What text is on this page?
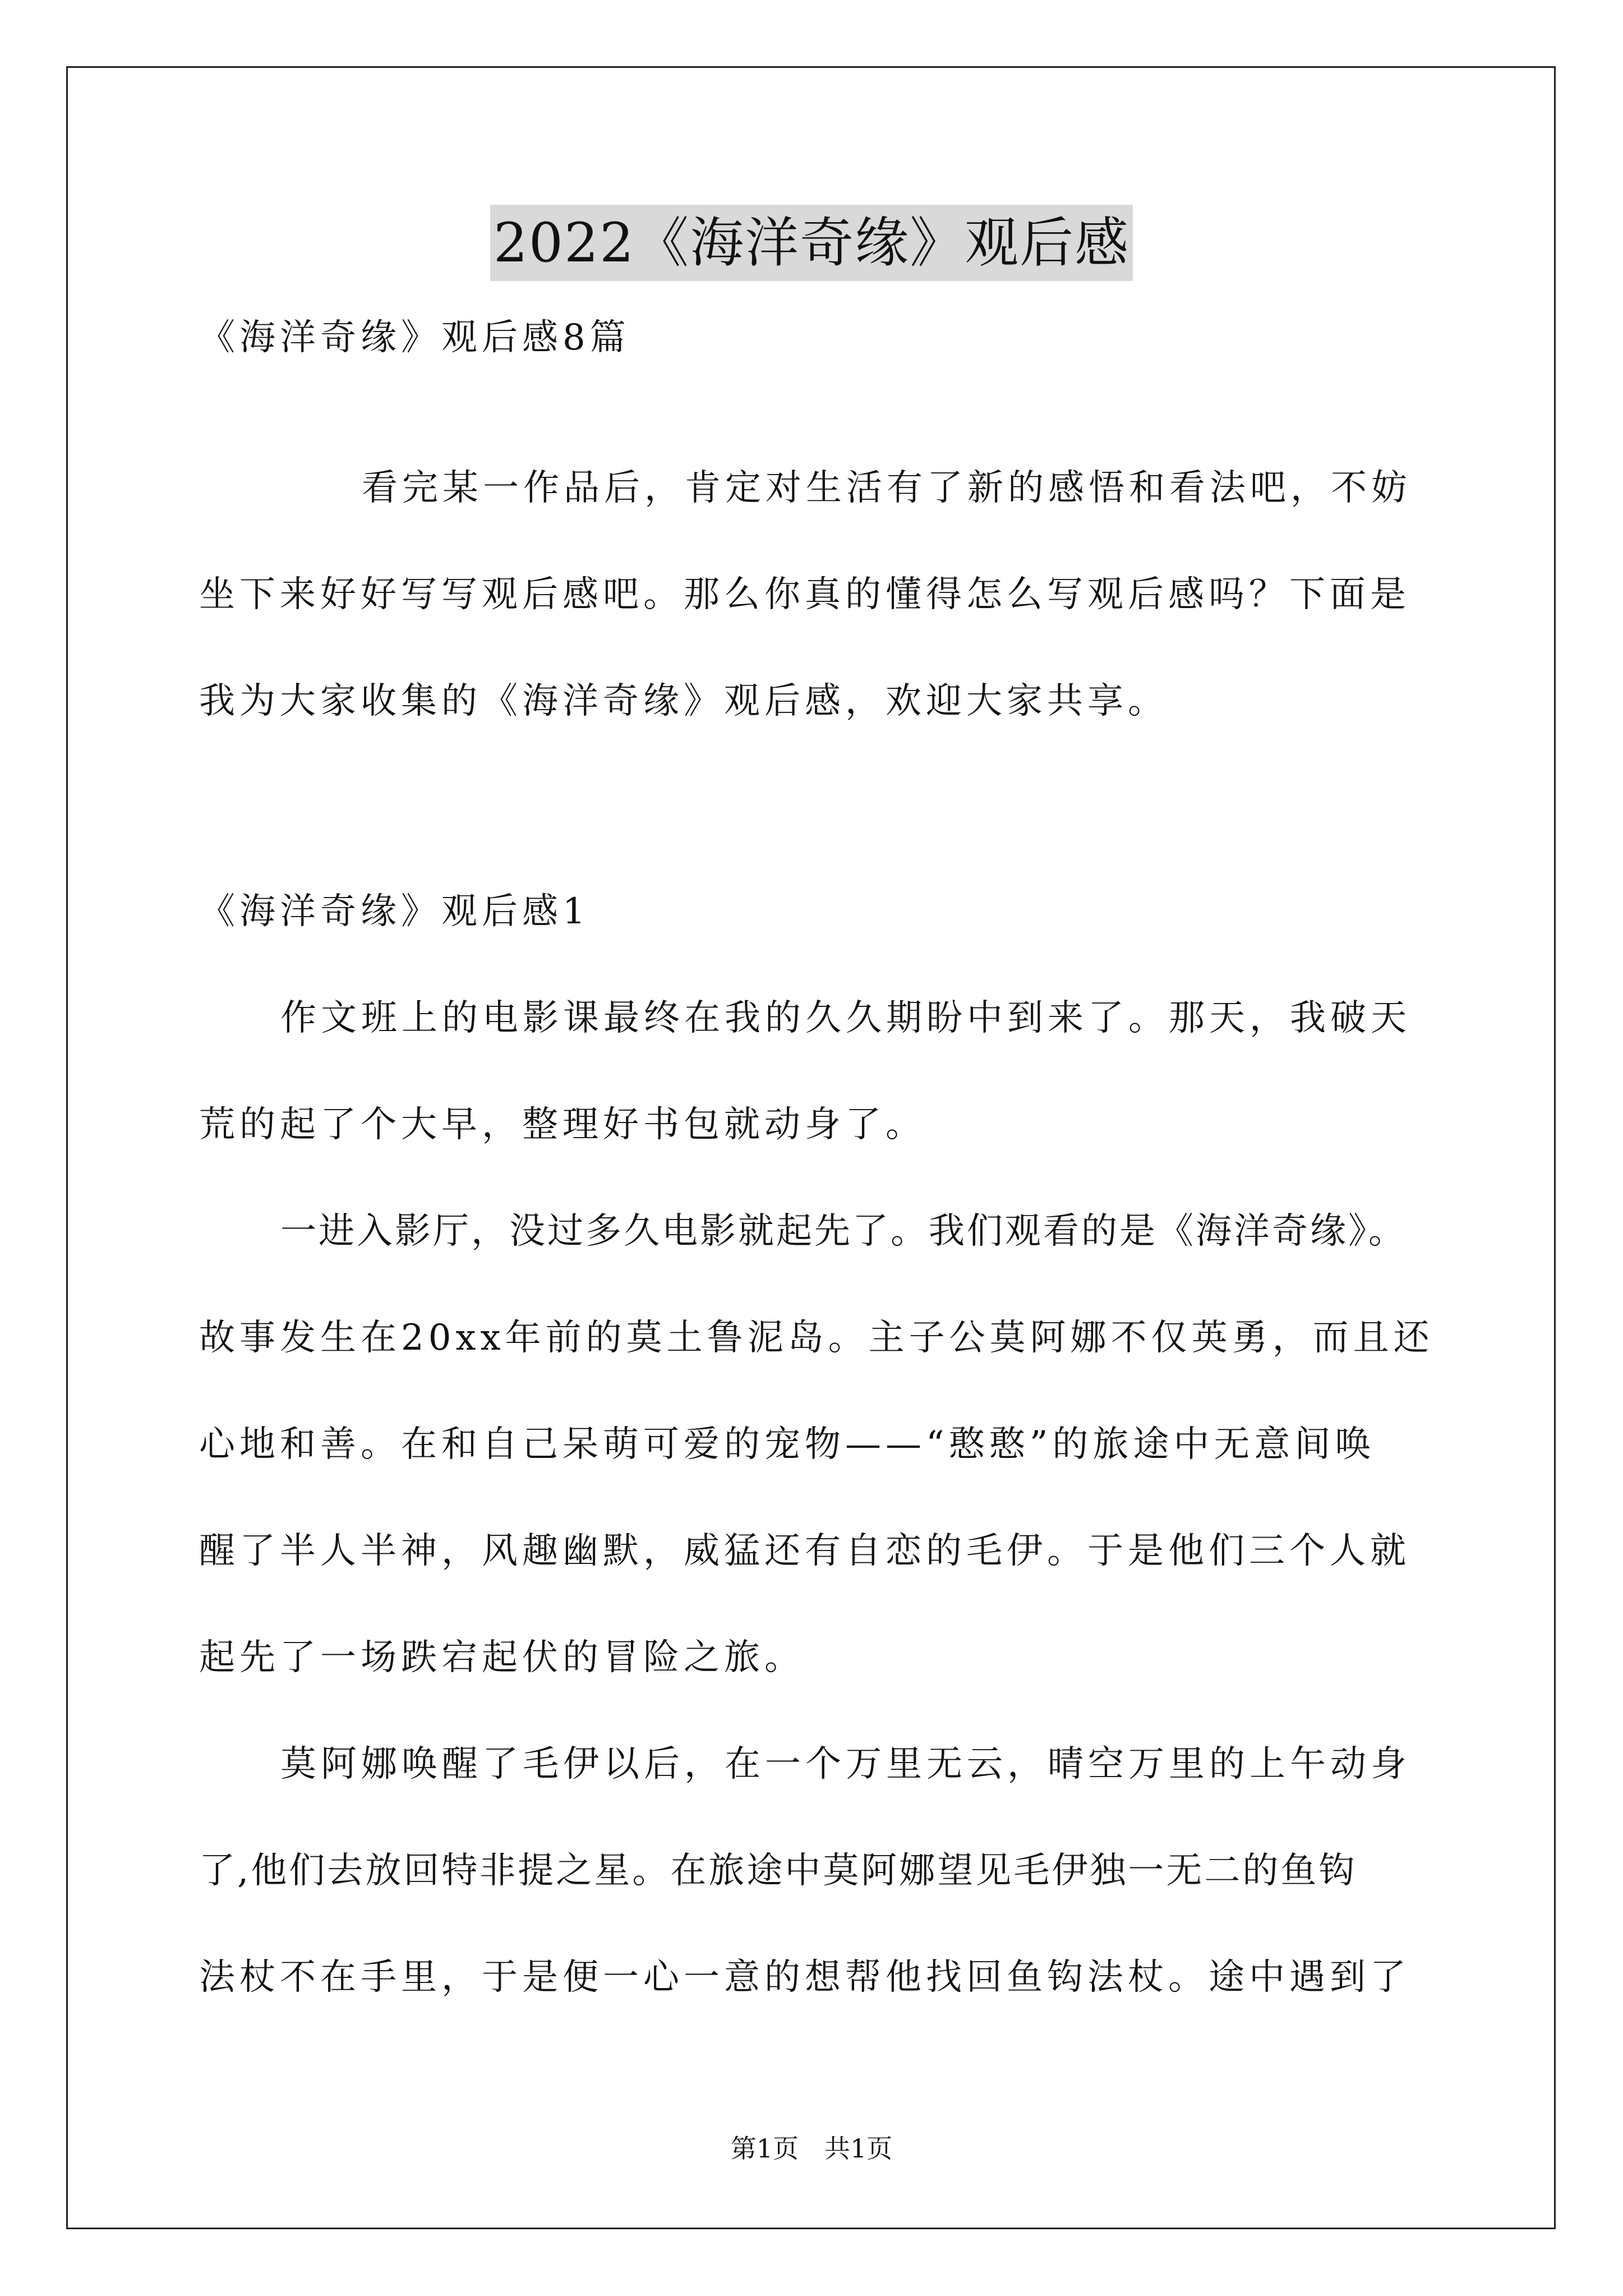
2022《海洋奇缘》观后感
《海洋奇缘》观后感8篇
看完某一作品后，肯定对生活有了新的感悟和看法吧，不妨
坐下来好好写写观后感吧。那么你真的懂得怎么写观后感吗？下面是
我为大家收集的《海洋奇缘》观后感，欢迎大家共享。
《海洋奇缘》观后感1
作文班上的电影课最终在我的久久期盼中到来了。那天，我破天
荒的起了个大早，整理好书包就动身了。
一进入影厅，没过多久电影就起先了。我们观看的是《海洋奇缘》。
故事发生在20xx年前的莫土鲁泥岛。主子公莫阿娜不仅英勇，而且还
心地和善。在和自己呆萌可爱的宠物——“憨憨”的旅途中无意间唤
醒了半人半神，风趣幽默，威猛还有自恋的毛伊。于是他们三个人就
起先了一场跌宕起伏的冒险之旅。
莫阿娜唤醒了毛伊以后，在一个万里无云，晴空万里的上午动身
了,他们去放回特非提之星。在旅途中莫阿娜望见毛伊独一无二的鱼钩
法杖不在手里，于是便一心一意的想帮他找回鱼钩法杖。途中遇到了
第1页　共1页
